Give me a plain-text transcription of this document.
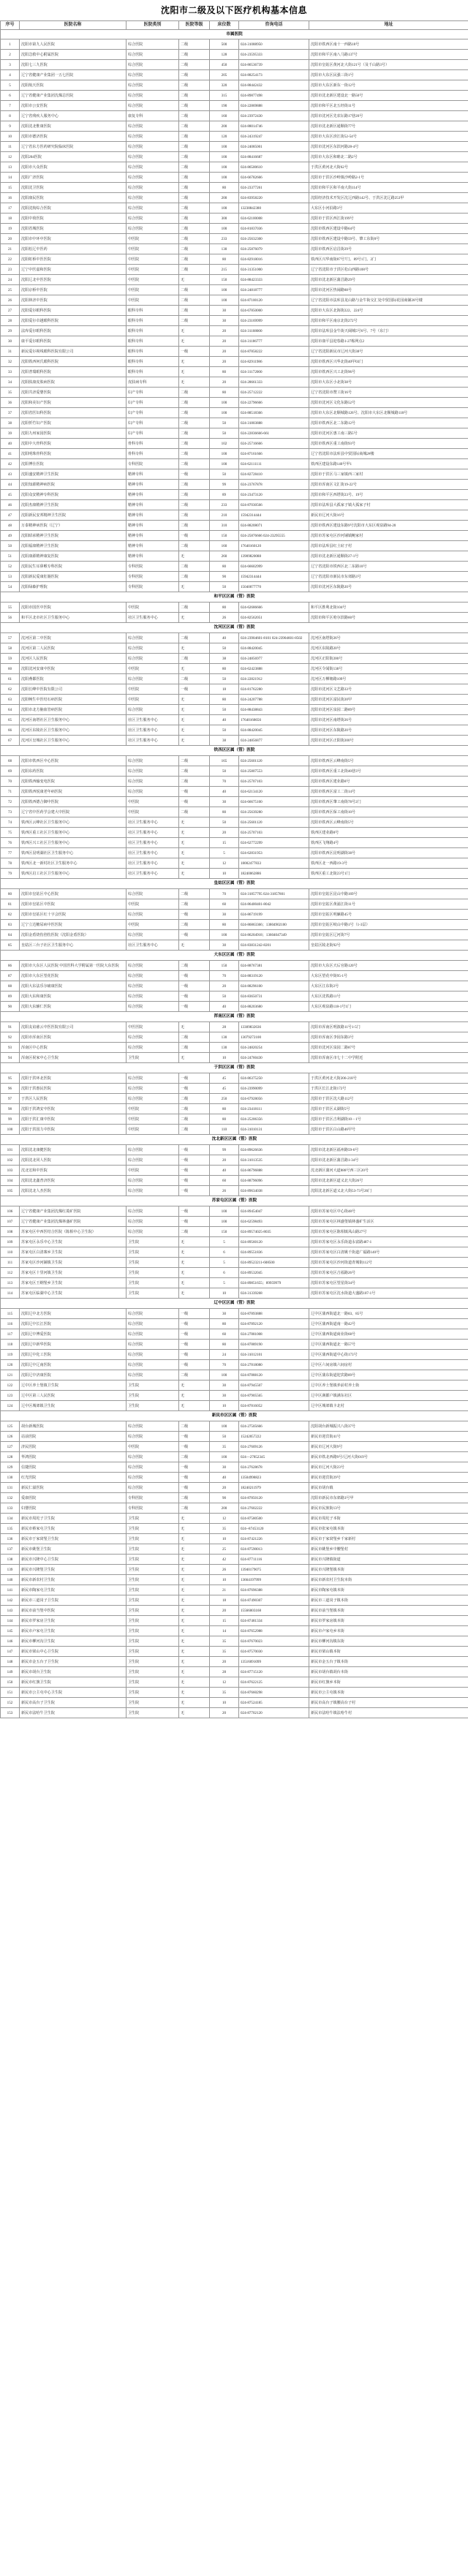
沈阳市二级及以下医疗机构基本信息
序号	医院名称	医院类别	医院等级	床位数	咨询电话	地址
市属医院						
1	沈阳市第九人民医院	综合医院	二级	500	024-31088950	沈阳市铁西区南十一西路18号
2	沈阳急救中心附属医院	综合医院	二级	128	024-23595333	沈阳市和平区南八马路137号
3	沈阳七三九医院	综合医院	二级	450	024-86536739	沈阳市皇姑区黄河北大街121号（及千山路3号）
4	辽宁省健康产业集团一五七医院	综合医院	二级	205	024-88254173	沈阳市大东区民强三街1号
5	沈阳航天医院	综合医院	二级	320	024-88442432	沈阳市大东区新东一街12号
6	辽宁省健康产业集团沈煤总医院	综合医院	二级	315	024-89877498	沈阳市沈北新区建设北一路50号
7	沈阳市公安医院	综合医院	二级	190	024-22869888	沈阳市和平区北五经街11号
8	辽宁省残疾人服务中心	康复专科	二级	160	024-23972430	沈阳市沈河区先农坛路17巷20号
9	沈阳沈北惟康医院	综合医院	二级	200	024-88014746	沈阳市沈北新区通顺街77号
10	沈阳市德济医院	综合医院	二级	120	024-24319247	沈阳市大东区滂江街52-54号
11	辽宁省东方医药研究院临床医院	综合医院	二级	100	024-24085001	沈阳市沈河区东滨河路28-4号
12	沈阳204医院	综合医院	二级	100	024-88416687	沈阳市大东区和睦北二路2号
13	沈阳市大众医院	综合医院	二级	100	024-86500610	于洪区黄河北大街62号
14	沈阳广济医院	综合医院	二级	100	024-66782666	沈阳市于洪区沙岭镇沙岭路2-1号
15	沈阳沈卫医院	综合医院	二级	80	024-23377261	沈阳市和平区和平南大街114号
16	沈阳康民医院	综合医院	二级	200	024-83958220	沈阳经济技术开发区沈辽西路142号、于洪区沈辽路253甲
17	沈阳沈航综合医院	综合医院	二级	100	13238842380	大东区小河沿路3号
18	沈阳中荷医院	综合医院	二级	300	024-62100008	沈阳市于洪区西江街199号
19	沈阳省城医院	综合医院	二级	100	024-81837036	沈阳市铁西区建设中路64号
20	沈阳市中环中医院	中医院	二级	233	024-25632300	沈阳市铁西区建设中路59号、肇工东街8号
21	沈阳松辽中医药	中医院	二级	130	024-25876079	沈阳市铁西区启昌街29号
22	沈阳虹桥中医医院	中医院	二级	80	024-82918016	铁西区兴华南街87号7门、89号1门、2门
23	辽宁中医嘉和医院	中医院	二级	215	024-31351000	辽宁省沈阳市于洪区松山西路108号
24	沈阳辽北中医医院	中医院	无	150	024-88423333	沈阳市沈北新区蒲昌路29号
25	沈阳京桥中医院	中医院	二级	100	024-24818777	沈阳市沈河区热闹路88号
26	沈阳林济中医院	中医院	二级	100	024-87100120	辽宁省沈阳市法库县龙山路与金牛街交汇处中贸国际花园商铺28号楼
27	沈阳爱尔眼科医院	眼科专科	二级	30	024-67850000	沈阳市大东区北海街222、224号
28	沈阳爱尔卓越眼科医院	眼科专科	二级	30	024-23169999	沈阳市和平区南京北街272号
29	法库爱尔眼科医院	眼科专科	无	20	024-31108000	沈阳市法库县金牛街天阔城5号6号、7号（东门）
30	康平爱尔眼科医院	眼科专科	无	20	024-31186777	沈阳市康平县迎春路1-27栋网点2
31	新民爱尔视线眼科医院有限公司	眼科专科	一级	20	024-87858222	辽宁省沈阳新民市辽河大街38号
32	沈阳铁西何氏眼科医院	眼科专科	无	20	024-82911986	沈阳市铁西区兴华北街40甲03门
33	沈阳普瑞眼科医院	眼科专科	无	80	024-31172000	沈阳市铁西区兴工北街96号
34	沈阳肤康皮肤病医院	皮肤病专科	无	20	024-28661333	沈阳市大东区小北街38号
35	沈阳共济爱婴医院	妇产专科	二级	80	024-25712222	辽宁省沈阳市赞工街16号
36	沈阳和美妇产医院	妇产专科	二级	100	024-22796666	沈阳市沈河区文化东路52号
37	沈阳省医妇科医院	妇产专科	二级	100	024-88518366	沈阳市大东区北顺城路126号、沈阳市大东区北顺城路118号
38	沈阳忻竹妇产医院	妇产专科	二级	50	024-31803888	沈阳市铁西区北二东路12号
39	沈阳九州家园医院	妇产专科	二级	50	024-22836666-661	沈阳市沈河区惠工南三路5号
40	沈阳中大骨科医院	骨科专科	二级	102	024-25716666	沈阳市铁西区重工南街93号
41	沈阳明珠骨科医院	骨科专科	二级	100	024-87161666	辽宁省沈阳市法库县中贸国际商城2#楼
42	沈阳博仕医院	专科医院	二级	100	024-62111111	铁西区建设东路140号甲1
43	沈阳盛安精神卫生医院	精神专科	一级	50	024-82728410	沈阳市于洪区马三家镇西三家村
44	沈阳知源精神病医院	精神专科	二级	99	024-23767878	沈阳市浑南区文汇街19-22号
45	沈阳众安精神专科医院	精神专科	二级	89	024-23473120	沈阳市和平区西塔街23号、19号
46	沈阳杰康精神卫生医院	精神专科	二级	233	024-87030566	沈阳市法库县大孤家子镇大孤家子村
47	沈阳新民安邦精神卫生医院	精神专科	二级	210	15942314444	新民市辽河大街16号
48	万泰精神病医院（辽宁）	精神专科	二级	310	024-88208071	沈阳市铁西区建设东路9号沈阳市大东区观泉路94-20
49	沈阳昭承精神卫生医院	精神专科	一级	150	024-25876666 024-23295555	沈阳市苏家屯区沙河铺镇鲍家村
50	沈阳福康精神卫生医院	精神专科	二级	160	17640160120	沈阳市法库县红土砬子村
51	沈阳康源精神康复医院	精神专科	无	260	13909820088	沈阳市沈北新区通顺街27-1号
52	沈阳民生耳鼻喉专科医院	专科医院	二级	80	024-66602999	辽宁省沈阳市铁西区北二东路10号
53	沈阳新民爱康肛肠医院	专科医院	二级	90	15942314444	辽宁省沈阳市新民市东郊路3号
54	沈阳绿森护理院	专科医院	无	50	15040077770	沈阳市沈河区东陵路20号
和平区区属（管）医院						
55	沈阳市国医中医院	中医院	二级	80	024-62686666	和平区胜利北街104号
56	和平区北市社区卫生服务中心	社区卫生服务中心	无	26	024-82562051	沈阳市和平区哈尔滨路60号
沈河区区属（管）医院						
57	沈河区第二中医院	综合医院	二级	40	024-23904601-8101 024-23904601-8502	沈河区南塔街26号
58	沈河区第二人民医院	综合医院	无	50	024-88420045	沈河区东陵路20号
59	沈河区人民医院	综合医院	二级	38	024-24856977	沈河区正阳街200号
60	沈阳沈河安康中医院	中医院	无	80	024-62423888	沈河区令闻街138号
61	沈阳燕都医院	综合医院	二级	50	024-22821912	沈河区万柳塘路109号
62	沈阳长峰中医院有限公司	中医院	一级	18	024-81762280	沈阳市沈河区文艺路33号
63	沈阳畅生中医结石病医院	中医院	无	80	024-24207788	沈阳市沈河区富民街20甲
64	沈阳市北方脑血管病医院	综合医院	无	50	024-88438843	沈阳市沈河区泉园二路89号
65	沈河区南塔社区卫生服务中心	社区卫生服务中心	无	40	17640168656	沈阳市沈河区南塔街26号
66	沈河区东陵社区卫生服务中心	社区卫生服务中心	无	50	024-88420045	沈阳市沈河区东陵路20号
67	沈河区皇城社区卫生服务中心	社区卫生服务中心	无	38	024-24856877	沈阳市沈河区正阳街200号
铁西区区属（管）医院						
68	沈阳市铁西区中心医院	综合医院	二级	165	024-25601120	沈阳市铁西区云峰南街5号
69	沈阳东药医院	综合医院	二级	50	024-25807553	沈阳市铁西区重工北街40巷3号
70	沈阳铁西输变电医院	综合医院	二级	70	024-25707103	沈阳市铁西区建业路8号
71	沈阳铁西悦康老年病医院	综合医院	一级	40	024-62134120	沈阳市铁西区富工二街14号
72	沈阳铁西德合御中医院	中医院	一级	30	024-66675100	沈阳市铁西区肇工南街78号2门
73	辽宁省中医药学会建大中医院	中医院	二级	80	024-25639280	沈阳市铁西区保工南街10号
74	铁西区云峰社区卫生服务中心	社区卫生服务中心	无	50	024-25601120	沈阳市铁西区云峰南街5号
75	铁西区重工社区卫生服务中心	社区卫生服务中心	无	20	024-25707103	铁西区建业路8号
76	铁西区兴工社区卫生服务中心	社区卫生服务中心	无	15	024-62772299	铁西区飞翔路4号
77	铁西区昆明湖社区卫生服务中心	社区卫生服务中心	无	5	024-62831953	沈阳市铁西区昆明湖街38号
78	铁西区北一新村社区卫生服务中心	社区卫生服务中心	无	12	18002477833	铁西区北一西路19-3号
79	铁西区启工社区卫生服务中心	社区卫生服务中心	无	10	18240062886	铁西区重工北街23号1门
皇姑区区属（管）医院						
80	沈阳市皇姑区中心医院	综合医院	二级	70	024-31857795 024-31857801	沈阳市皇姑区昆山中路169号
81	沈阳市皇姑区中医院	中医院	二级	60	024-86400401-8042	沈阳市皇姑区黄浦江街11号
82	沈阳市皇姑区红十字会医院	综合医院	一级	30	024-86719199	沈阳市皇姑区明廉路45号
83	辽宁立达糖尿病中医医院	中医院	二级	80	024-86863366；13804902100	沈阳市皇姑区岐山中路1号（1-3层）
84	沈阳金盾烧伤创伤医院（沈阳金盾医院）	综合医院	一级	100	024-86204918；13604047349	沈阳市皇姑区辽河街7号
85	皇姑区三台子社区卫生服务中心	社区卫生服务中心	无	30	024-83831242-8201	皇姑区陵北街92号
大东区区属（管）医院						
86	沈阳市大东区人民医院 中国医科大学附属第一医院大东医院	综合医院	二级	150	024-88767381	沈阳市大东区天后官路120号
87	沈阳市大东区望花医院	综合医院	一级	70	024-88319120	大东区望花中街95-1号
88	沈阳大东法乐尔痛康医院	综合医院	一级	20	024-88296100	大东区江东街2号
89	沈阳大东和康医院	综合医院	一级	50	024-83650731	大东区沈铁路11号
90	沈阳大东辅仁医院	综合医院	一级	40	024-88203680	大东区观泉路118-1号1门
浑南区区属（管）医院						
91	沈阳友谊慈云中医医院有限公司	中医医院	无	28	13309832636	沈阳市浑南区明波路11号1-5门
92	沈阳市浑南区医院	综合医院	二级	130	13079272100	沈阳市浑南区李园东路3号
93	浑南区中心医院	综合医院	二级	130	024-24820254	沈阳市沈河区泉园二路87号
94	浑南区祝家中心卫生院	卫生院	无	10	024-24760430	沈阳市浑南区市七十二中学附近
于洪区区属（管）医院						
95	沈阳于洪环北医院	综合医院	一级	45	024-86375250	于洪区黄河北大街206-218号
96	沈阳于洪惠民医院	综合医院	一级	45	024-23990099	于洪区长江北街172号
97	于洪区人民医院	综合医院	二级	250	024-67928056	沈阳市于洪区沈大路112号
98	沈阳于洪鸿安中医院	中医院	二级	80	024-23418111	沈阳市于洪区太湖街5号
99	沈阳于洪汇康中医院	中医院	二级	80	024-25206356	沈阳市于洪区吉利湖街10－1号
100	沈阳于洪国力中医院	中医院	二级	110	024-31010131	沈阳市于洪区白山路46甲号
沈北新区区属（管）医院						
101	沈阳沈北康健医院	综合医院	一级	99	024-89626636	沈阳市沈北新区福州路59-6号
102	沈阳沈北同人医院	综合医院	一级	20	024-31013535	沈阳市沈北新区蒲昌路1-34号
103	沈北宏和中医院	中医院	一级	40	024-86796888	沈北新区蒲河大道888号西三区20号
104	沈阳沈北鑫普济医院	综合医院	一级	60	024-88796096	沈阳市沈北新区道义北大街26号
105	沈阳沈北人杰医院	综合医院	一级	26	024-89634038	沈阳沈北新区道义北大街53-73号26门
苏家屯区区属（管）医院						
106	辽宁省健康产业集团沈煤红菱矿医院	综合医院	一级	100	024-89454047	沈阳市苏家屯区中心街48号
107	辽宁省健康产业集团沈煤林盛矿医院	综合医院	一级	100	024-62598493	沈阳市苏家屯区林盛堡镇林盛矿生活区
108	苏家屯区中西医结合医院（陈相中心卫生院）	综合医院	二级	150	024-89574025-8035	沈阳市苏家屯区陈相镇凤山路27号
109	苏家屯区永乐中心卫生院	卫生院	无	5	024-89560120	沈阳市苏家屯区永乐街道永富路487-1
110	苏家屯区白清寨乡卫生院	卫生院	无	6	024-89551836	沈阳市苏家屯区白清姚千街道广福路140号
111	苏家屯区沙河铺镇卫生院	卫生院	无	5	024-89523211-608500	沈阳市苏家屯区沙河街道青城街112号
112	苏家屯区十里河镇卫生院	卫生院	无	6	024-89532045	沈阳市苏家屯区吉福路26号
113	苏家屯区王纲堡乡卫生院	卫生院	无	5	024-89851655；89959979	沈阳市苏家屯区望星街34号
114	苏家屯区临湖中心卫生院	卫生院	无	10	024-31339268	沈阳市苏家屯区沈水街道大盛路107-1号
辽中区区属（管）医院						
115	沈阳辽中北方医院	综合医院	一级	30	024-87893888	辽中区蒲西街道北一路83、85号
116	沈阳辽中长江医院	综合医院	一级	80	024-87892120	辽中区蒲西街道南一路42号
117	沈阳辽中博爱医院	综合医院	一级	60	024-27881008	辽中区蒲西街道商业街68号
118	沈阳辽中新华医院	综合医院	一级	80	024-87889190	辽中区蒲西街道北一路57号
119	沈阳辽中化工医院	综合医院	一级	24	024-31012101	辽中区蒲西街道中心街173号
120	沈阳辽中辽南医院	综合医院	一级	70	024-27818080	辽中区六间房镇六间房村
121	沈阳辽中济康医院	综合医院	二级	100	024-87888120	辽中区蒲东街道迎宾路89号
122	辽中区养士堡镇卫生院	卫生院	无	30	024-87945507	辽中区养士堡镇养前村养士街
123	辽中区第三人民医院	卫生院	无	30	024-87905565	辽中区满都户镇满东社区
124	辽中区城郊镇卫生院	卫生院	无	10	024-87816052	辽中区城郊镇卡北村
新民市区区属（管）医院						
125	胡台新城医院	综合医院	二级	100	024-27505666	沈阳胡台新城振兴八街37号
126	站前医院	综合医院	一级	50	15242057222	新民市迎宾街41号
127	济民医院	中医院	一级	35	024-27609126	新民市辽河大街9号
128	华鸿医院	综合医院	二级	100	024—27852345	新民市铁北西路9号/辽河大街019号
129	信捷医院	综合医院	一级	30	024-27628678	新民市辽河大街23号
130	红光医院	综合医院	一级	40	13504998823	新民市迎宾街29号
131	新民仁溢医院	综合医院	一级	20	18240211979	新民市胡台镇
132	爱康医院	专科医院	二级	90	024-87850120	沈阳市新民市东郊路3号甲
133	妇婴医院	专科医院	二级	200	024-27602222	新民市民族街13号
134	新民市周坨子卫生院	卫生院	无	12	024-87580500	新民市周坨子本街
135	新民市蔡家屯卫生院	卫生院	无	35	024--87453120	新民市张家屯镇本街
136	新民市于家窝堡卫生院	卫生院	无	10	024-87421226	新民市于家窝堡乡千家新村
137	新民市姚堡卫生院	卫生院	无	25	024-87590013	新民市姚堡乡中腰堡村
138	新民市兴隆中心卫生院	卫生院	无	42	024-87711116	新民市兴隆镇街道
139	新民市兴隆堡卫生院	卫生院	无	26	13940179075	新民市兴隆堡镇本街
140	新民市新农村卫生院	卫生院	无	10	13664197999	新民市新农村卫生院本街
141	新民市陶家屯卫生院	卫生院	无	21	024-87696388	新民市陶家屯镇本街
142	新民市三道岗子卫生院	卫生院	无	18	024-87490307	新民市三道岗子镇本街
143	新民市前当堡中医院	卫生院	无	20	15566003168	新民市前当堡镇本街
144	新民市罗家房卫生院	卫生院	无	15	024-87481334	新民市罗家房镇本街
145	新民市卢家屯卫生院	卫生院	无	14	024-87652988	新民市卢家屯乡本街
146	新民市柳河沟卫生院	卫生院	无	35	024-87670023	新民市柳河沟镇东街
147	新民市梁山中心卫生院	卫生院	无	35	024-87570030	新民市梁山镇本街
148	新民市金五台子卫生院	卫生院	无	20	13516091099	新民市金五台子镇本街
149	新民市胡台卫生院	卫生院	无	28	024-87715120	新民市胡台镇胡台本街
150	新民市红旗卫生院	卫生院	无	12	024-87622125	新民市红旗乡本街
151	新民市公主屯中心卫生院	卫生院	无	35	024-87660298	新民市公主屯镇本街
152	新民市高台子卫生院	卫生院	无	10	024-87524185	新民市高台子镇腰高台子村
153	新民市法哈牛卫生院	卫生院	无	20	024-87702120	新民市法哈牛镇法哈牛村
